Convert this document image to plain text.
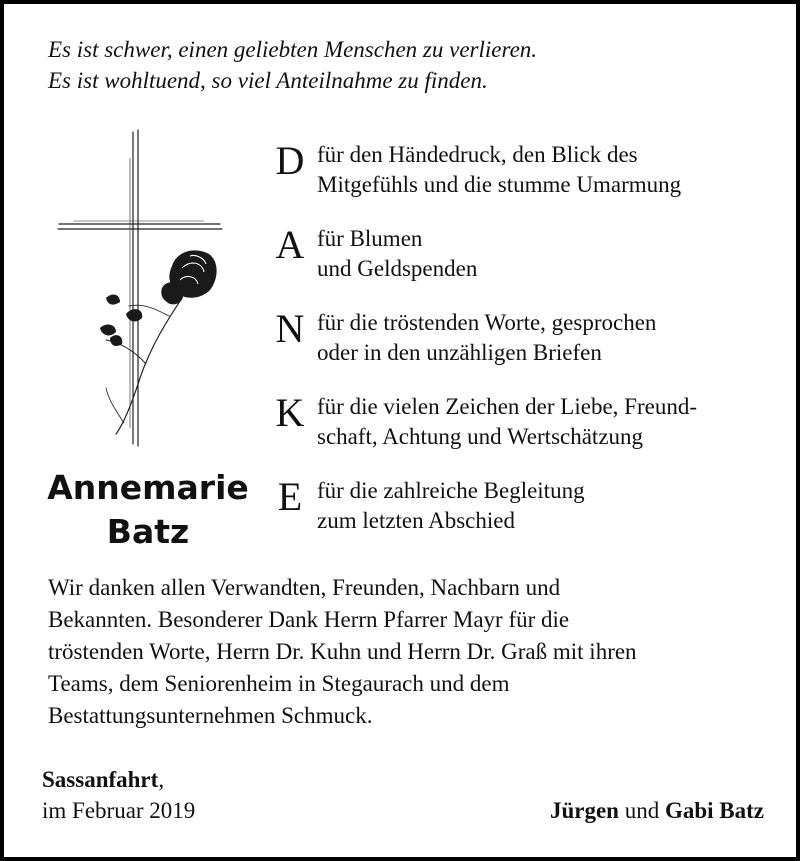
Es ist schwer, einen geliebten Menschen zu verlieren.
Es ist wohltuend, so viel Anteilnahme zu finden.
Annemarie
Batz
D für den Händedruck, den Blick des
Mitgefühls und die stumme Umarmung
A für Blumen
und Geldspenden
N für die tröstenden Worte, gesprochen
oder in den unzähligen Briefen
K für die vielen Zeichen der Liebe, Freund-
schaft, Achtung und Wertschätzung
E für die zahlreiche Begleitung
zum letzten Abschied
Wir danken allen Verwandten, Freunden, Nachbarn und
Bekannten. Besonderer Dank Herrn Pfarrer Mayr für die
tröstenden Worte, Herrn Dr. Kuhn und Herrn Dr. Graß mit ihren
Teams, dem Seniorenheim in Stegaurach und dem
Bestattungsunternehmen Schmuck.
Sassanfahrt,
im Februar 2019	Jürgen und Gabi Batz
